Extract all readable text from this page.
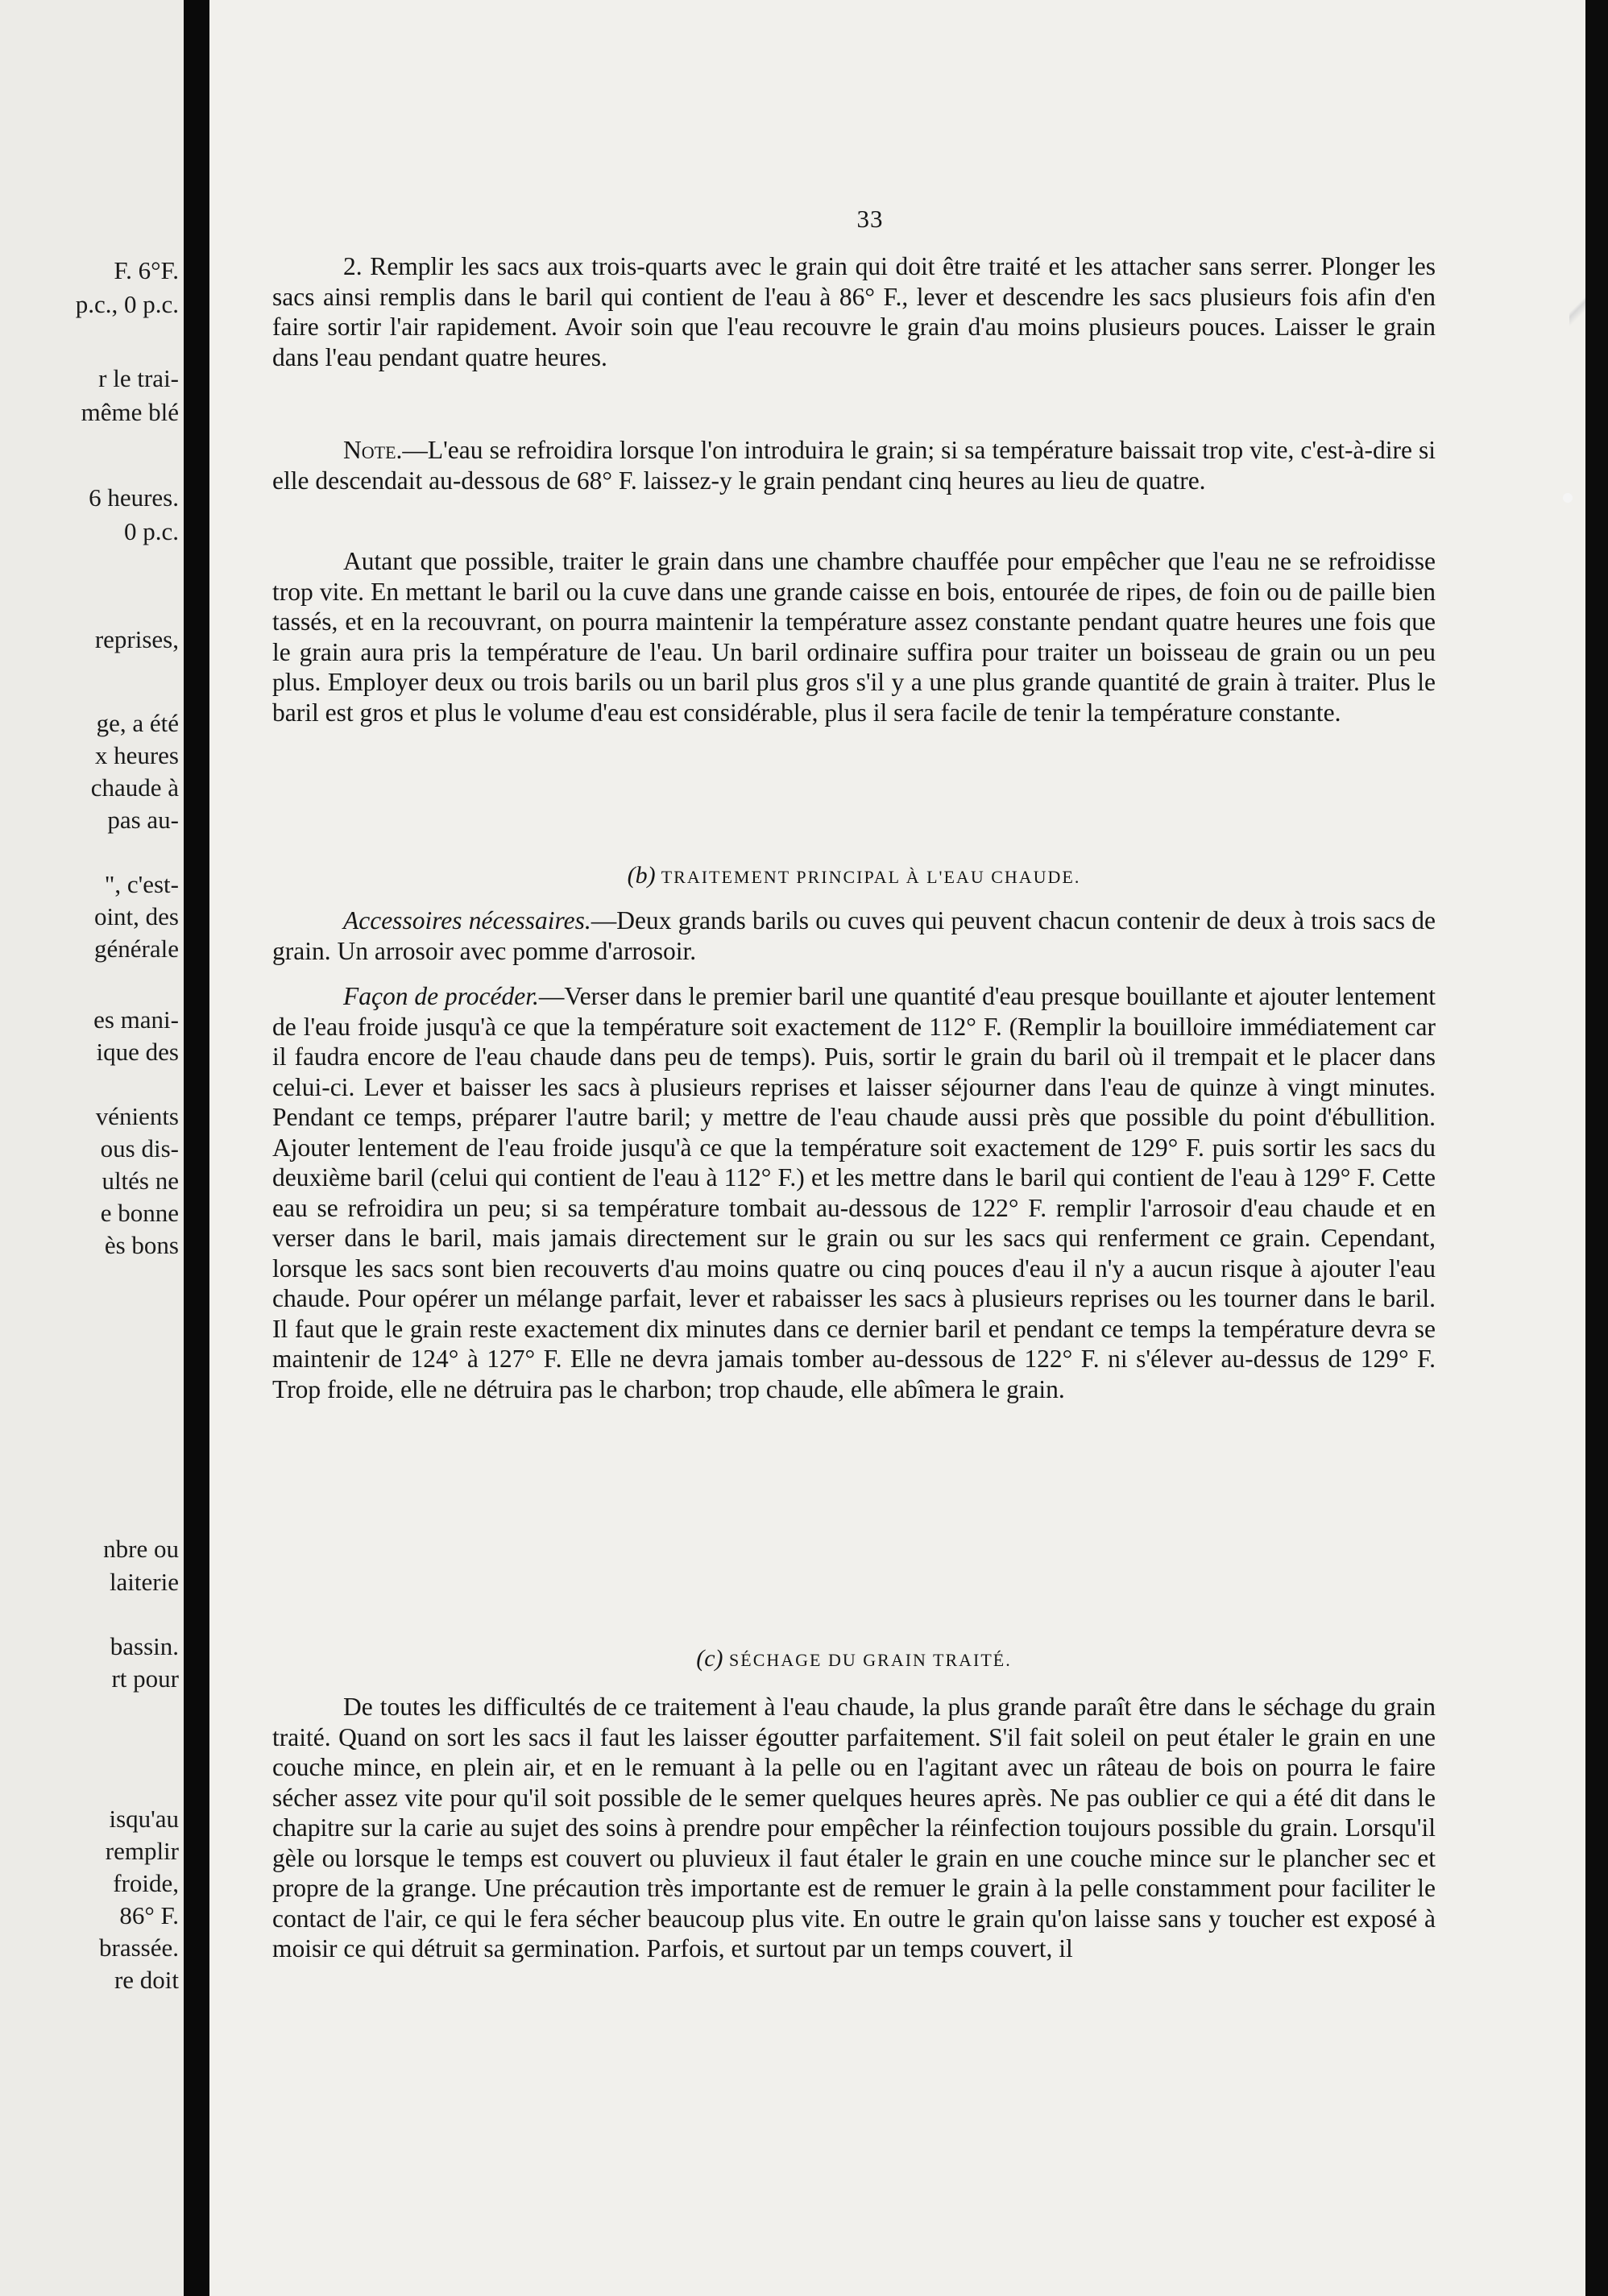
F. 6°F.
p.c., 0 p.c.
r le trai-
même blé
6 heures.
0 p.c.
reprises,
ge, a été
x heures
chaude à
pas au-
", c'est-
oint, des
générale
es mani-
ique des
vénients
ous dis-
ultés ne
e bonne
ès bons
nbre ou
laiterie
bassin.
rt pour
isqu'au
remplir
froide,
86° F.
brassée.
re doit
33

2. Remplir les sacs aux trois-quarts avec le grain qui doit être traité et les attacher sans serrer. Plonger les sacs ainsi remplis dans le baril qui contient de l'eau à 86° F., lever et descendre les sacs plusieurs fois afin d'en faire sortir l'air rapidement. Avoir soin que l'eau recouvre le grain d'au moins plusieurs pouces. Laisser le grain dans l'eau pendant quatre heures.

Note.—L'eau se refroidira lorsque l'on introduira le grain; si sa température baissait trop vite, c'est-à-dire si elle descendait au-dessous de 68° F. laissez-y le grain pendant cinq heures au lieu de quatre.

Autant que possible, traiter le grain dans une chambre chauffée pour empêcher que l'eau ne se refroidisse trop vite. En mettant le baril ou la cuve dans une grande caisse en bois, entourée de ripes, de foin ou de paille bien tassés, et en la recouvrant, on pourra maintenir la température assez constante pendant quatre heures une fois que le grain aura pris la température de l'eau. Un baril ordinaire suffira pour traiter un boisseau de grain ou un peu plus. Employer deux ou trois barils ou un baril plus gros s'il y a une plus grande quantité de grain à traiter. Plus le baril est gros et plus le volume d'eau est considérable, plus il sera facile de tenir la température constante.

(b) TRAITEMENT PRINCIPAL À L'EAU CHAUDE.

Accessoires nécessaires.—Deux grands barils ou cuves qui peuvent chacun contenir de deux à trois sacs de grain. Un arrosoir avec pomme d'arrosoir.

Façon de procéder.—Verser dans le premier baril une quantité d'eau presque bouillante et ajouter lentement de l'eau froide jusqu'à ce que la température soit exactement de 112° F. (Remplir la bouilloire immédiatement car il faudra encore de l'eau chaude dans peu de temps). Puis, sortir le grain du baril où il trempait et le placer dans celui-ci. Lever et baisser les sacs à plusieurs reprises et laisser séjourner dans l'eau de quinze à vingt minutes. Pendant ce temps, préparer l'autre baril; y mettre de l'eau chaude aussi près que possible du point d'ébullition. Ajouter lentement de l'eau froide jusqu'à ce que la température soit exactement de 129° F. puis sortir les sacs du deuxième baril (celui qui contient de l'eau à 112° F.) et les mettre dans le baril qui contient de l'eau à 129° F. Cette eau se refroidira un peu; si sa température tombait au-dessous de 122° F. remplir l'arrosoir d'eau chaude et en verser dans le baril, mais jamais directement sur le grain ou sur les sacs qui renferment ce grain. Cependant, lorsque les sacs sont bien recouverts d'au moins quatre ou cinq pouces d'eau il n'y a aucun risque à ajouter l'eau chaude. Pour opérer un mélange parfait, lever et rabaisser les sacs à plusieurs reprises ou les tourner dans le baril. Il faut que le grain reste exactement dix minutes dans ce dernier baril et pendant ce temps la température devra se maintenir de 124° à 127° F. Elle ne devra jamais tomber au-dessous de 122° F. ni s'élever au-dessus de 129° F. Trop froide, elle ne détruira pas le charbon; trop chaude, elle abîmera le grain.

(c) SÉCHAGE DU GRAIN TRAITÉ.

De toutes les difficultés de ce traitement à l'eau chaude, la plus grande paraît être dans le séchage du grain traité. Quand on sort les sacs il faut les laisser égoutter parfaitement. S'il fait soleil on peut étaler le grain en une couche mince, en plein air, et en le remuant à la pelle ou en l'agitant avec un râteau de bois on pourra le faire sécher assez vite pour qu'il soit possible de le semer quelques heures après. Ne pas oublier ce qui a été dit dans le chapitre sur la carie au sujet des soins à prendre pour empêcher la réinfection toujours possible du grain. Lorsqu'il gèle ou lorsque le temps est couvert ou pluvieux il faut étaler le grain en une couche mince sur le plancher sec et propre de la grange. Une précaution très importante est de remuer le grain à la pelle constamment pour faciliter le contact de l'air, ce qui le fera sécher beaucoup plus vite. En outre le grain qu'on laisse sans y toucher est exposé à moisir ce qui détruit sa germination. Parfois, et surtout par un temps couvert, il
